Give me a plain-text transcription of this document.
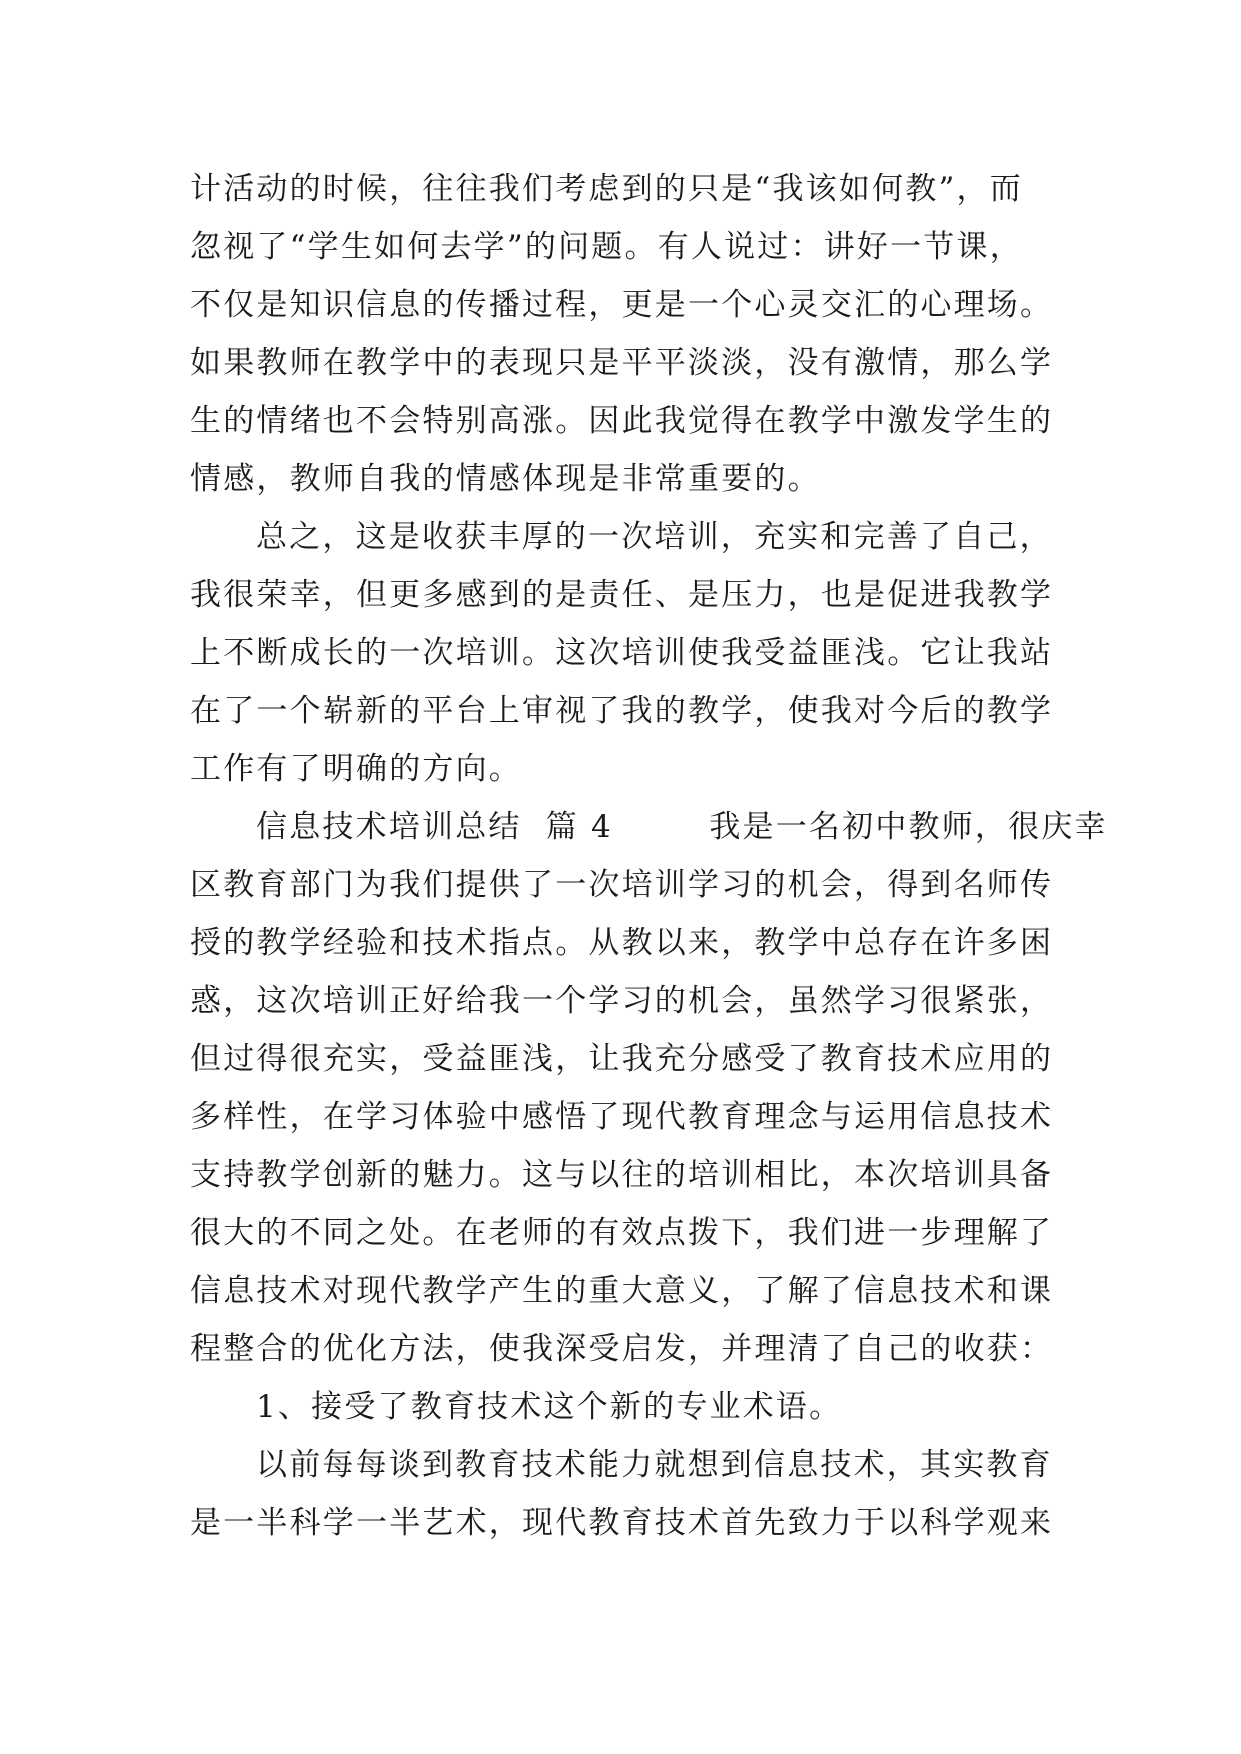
计活动的时候，往往我们考虑到的只是“我该如何教”，而
忽视了“学生如何去学”的问题。有人说过：讲好一节课，
不仅是知识信息的传播过程，更是一个心灵交汇的心理场。
如果教师在教学中的表现只是平平淡淡，没有激情，那么学
生的情绪也不会特别高涨。因此我觉得在教学中激发学生的
情感，教师自我的情感体现是非常重要的。
总之，这是收获丰厚的一次培训，充实和完善了自己，
我很荣幸，但更多感到的是责任、是压力，也是促进我教学
上不断成长的一次培训。这次培训使我受益匪浅。它让我站
在了一个崭新的平台上审视了我的教学，使我对今后的教学
工作有了明确的方向。
信息技术培训总结  篇 4        我是一名初中教师，很庆幸
区教育部门为我们提供了一次培训学习的机会，得到名师传
授的教学经验和技术指点。从教以来，教学中总存在许多困
惑，这次培训正好给我一个学习的机会，虽然学习很紧张，
但过得很充实，受益匪浅，让我充分感受了教育技术应用的
多样性，在学习体验中感悟了现代教育理念与运用信息技术
支持教学创新的魅力。这与以往的培训相比，本次培训具备
很大的不同之处。在老师的有效点拨下，我们进一步理解了
信息技术对现代教学产生的重大意义，了解了信息技术和课
程整合的优化方法，使我深受启发，并理清了自己的收获：
1、接受了教育技术这个新的专业术语。
以前每每谈到教育技术能力就想到信息技术，其实教育
是一半科学一半艺术，现代教育技术首先致力于以科学观来
